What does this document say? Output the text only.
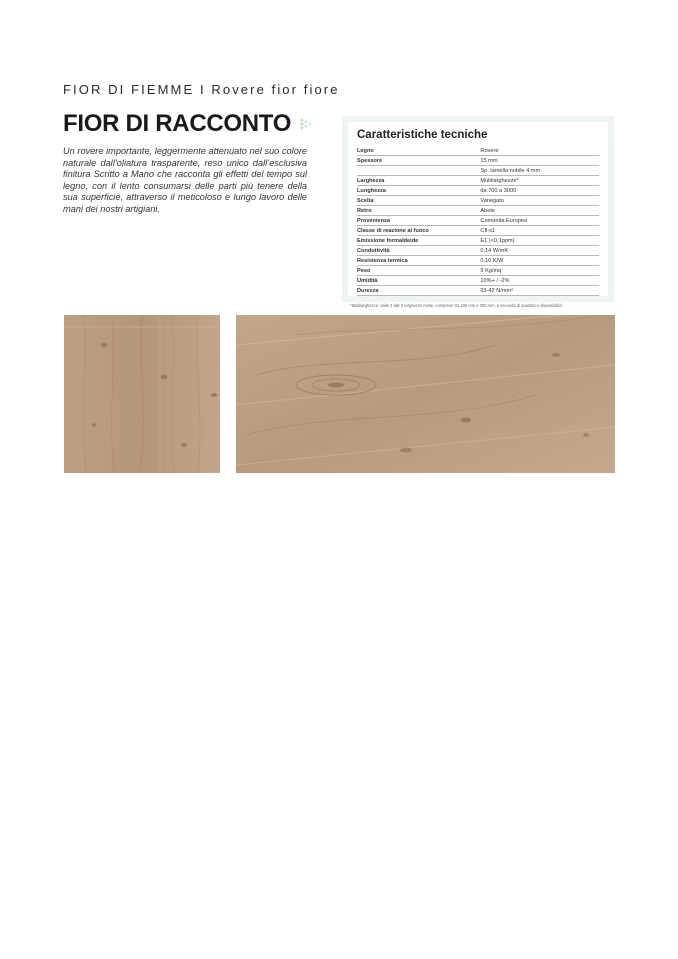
FIOR DI FIEMME I Rovere fior fiore
FIOR DI RACCONTO
Un rovere importante, leggermente attenuato nel suo colore naturale dall’oliatura trasparente, reso unico dall’esclusiva finitura Scritto a Mano che racconta gli effetti del tempo sul legno, con il lento consumarsi delle parti più tenere della sua superficie, attraverso il meticoloso e lungo lavoro delle mani dei nostri artigiani.
Caratteristiche tecniche
Legno	Rovere
Spessore	15 mm
	Sp. lamella nobile 4 mm
Larghezza	Multilarghezze*
Lunghezza	da 700 a 3000
Scelta	Variegato
Retro	Abete
Provenienza	Comunità Europea
Classe di reazione al fuoco	Cfl-s1
Emissione formaldeide	E1 (<0,1ppm)
Conduttività	0,14 W/mK
Resistenza termica	0,10 K/W
Peso	9 Kg/mq
Umidità	10%+ / -2%
Durezza	23-42 N/mm²
*Multilarghezze: dalle 3 alle 5 larghezze miste, comprese tra 100 mm e 300 mm, a seconda di quantità e disponibilità
